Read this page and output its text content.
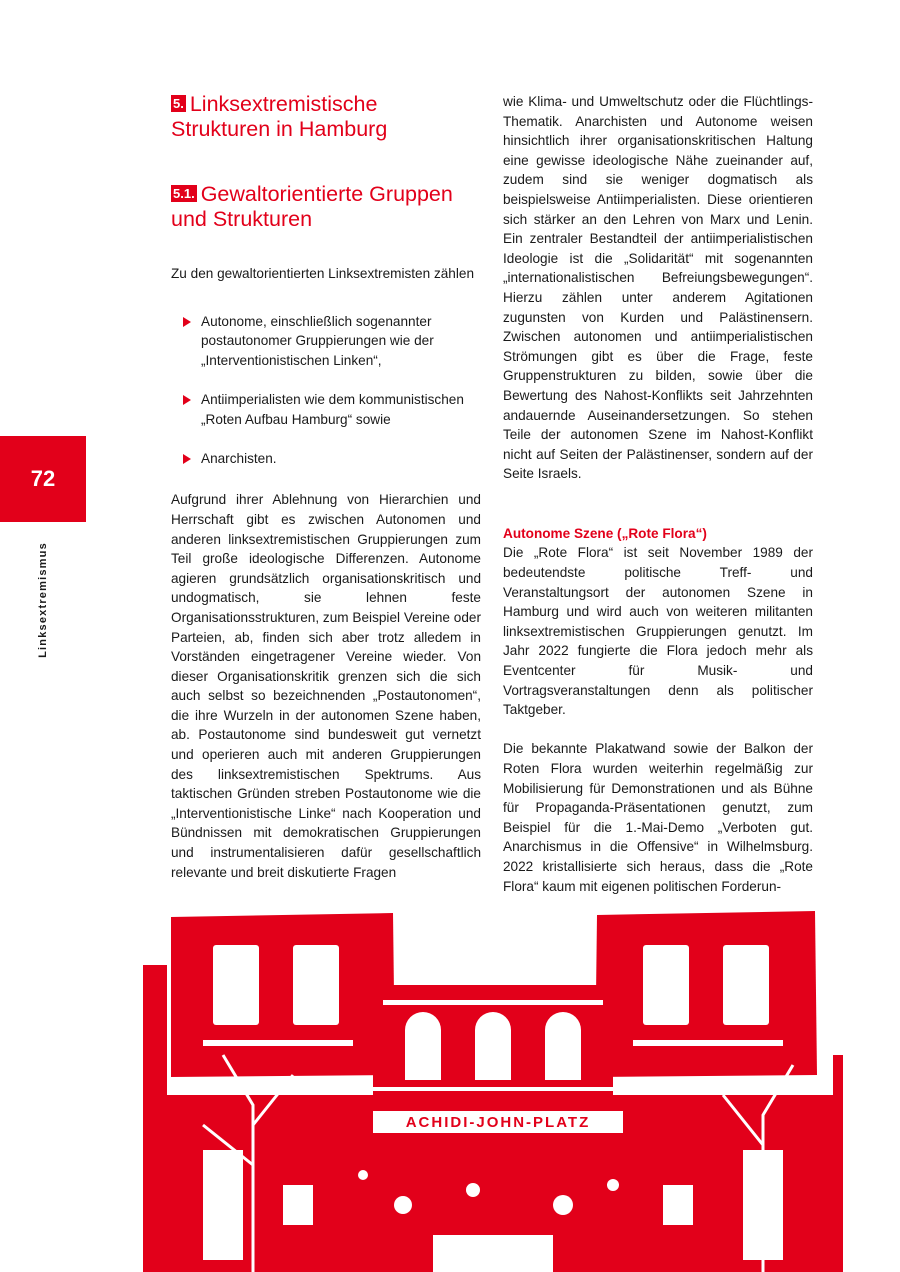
72
Linksextremismus
5. Linksextremistische Strukturen in Hamburg
5.1. Gewaltorientierte Gruppen und Strukturen

Zu den gewaltorientierten Linksextremisten zählen

Autonome, einschließlich sogenannter postautonomer Gruppierungen wie der „Interventionistischen Linken“,
Antiimperialisten wie dem kommunistischen „Roten Aufbau Hamburg“ sowie
Anarchisten.

Aufgrund ihrer Ablehnung von Hierarchien und Herrschaft gibt es zwischen Autonomen und anderen linksextremistischen Gruppierungen zum Teil große ideologische Differenzen. Autonome agieren grundsätzlich organisationskritisch und undogmatisch, sie lehnen feste Organisationsstrukturen, zum Beispiel Vereine oder Parteien, ab, finden sich aber trotz alledem in Vorständen eingetragener Vereine wieder. Von dieser Organisationskritik grenzen sich die sich auch selbst so bezeichnenden „Postautonomen“, die ihre Wurzeln in der autonomen Szene haben, ab. Postautonome sind bundesweit gut vernetzt und operieren auch mit anderen Gruppierungen des linksextremistischen Spektrums. Aus taktischen Gründen streben Postautonome wie die „Interventionistische Linke“ nach Kooperation und Bündnissen mit demokratischen Gruppierungen und instrumentalisieren dafür gesellschaftlich relevante und breit diskutierte Fragen

wie Klima- und Umweltschutz oder die Flüchtlings-Thematik. Anarchisten und Autonome weisen hinsichtlich ihrer organisationskritischen Haltung eine gewisse ideologische Nähe zueinander auf, zudem sind sie weniger dogmatisch als beispielsweise Antiimperialisten. Diese orientieren sich stärker an den Lehren von Marx und Lenin. Ein zentraler Bestandteil der antiimperialistischen Ideologie ist die „Solidarität“ mit sogenannten „internationalistischen Befreiungsbewegungen“. Hierzu zählen unter anderem Agitationen zugunsten von Kurden und Palästinensern. Zwischen autonomen und antiimperialistischen Strömungen gibt es über die Frage, feste Gruppenstrukturen zu bilden, sowie über die Bewertung des Nahost-Konflikts seit Jahrzehnten andauernde Auseinandersetzungen. So stehen Teile der autonomen Szene im Nahost-Konflikt nicht auf Seiten der Palästinenser, sondern auf der Seite Israels.

Autonome Szene („Rote Flora“)

Die „Rote Flora“ ist seit November 1989 der bedeutendste politische Treff- und Veranstaltungsort der autonomen Szene in Hamburg und wird auch von weiteren militanten linksextremistischen Gruppierungen genutzt. Im Jahr 2022 fungierte die Flora jedoch mehr als Eventcenter für Musik- und Vortragsveranstaltungen denn als politischer Taktgeber.

Die bekannte Plakatwand sowie der Balkon der Roten Flora wurden weiterhin regelmäßig zur Mobilisierung für Demonstrationen und als Bühne für Propaganda-Präsentationen genutzt, zum Beispiel für die 1.-Mai-Demo „Verboten gut. Anarchismus in die Offensive“ in Wilhelmsburg. 2022 kristallisierte sich heraus, dass die „Rote Flora“ kaum mit eigenen politischen Forderun-

ACHIDI-JOHN-PLATZ
